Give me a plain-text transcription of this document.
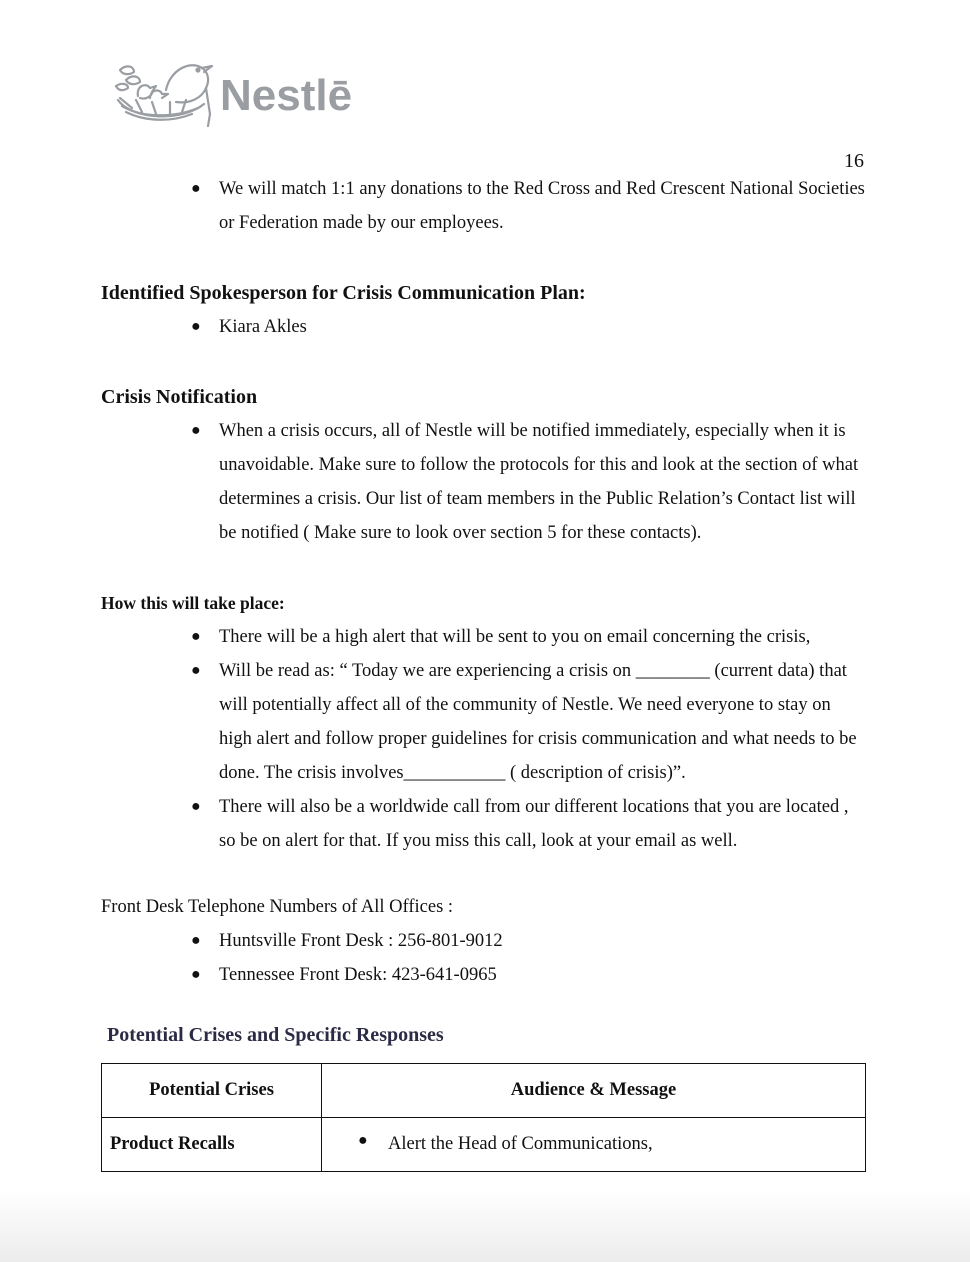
Nestlē
16
● We will match 1:1 any donations to the Red Cross and Red Crescent National Societies or Federation made by our employees.
Identified Spokesperson for Crisis Communication Plan:
● Kiara Akles
Crisis Notification
● When a crisis occurs, all of Nestle will be notified immediately, especially when it is unavoidable. Make sure to follow the protocols for this and look at the section of what determines a crisis. Our list of team members in the Public Relation’s Contact list will be notified ( Make sure to look over section 5 for these contacts).
How this will take place:
● There will be a high alert that will be sent to you on email concerning the crisis,
● Will be read as: “ Today we are experiencing a crisis on ________ (current data) that will potentially affect all of the community of Nestle. We need everyone to stay on high alert and follow proper guidelines for crisis communication and what needs to be done. The crisis involves___________ ( description of crisis)”.
● There will also be a worldwide call from our different locations that you are located , so be on alert for that. If you miss this call, look at your email as well.
Front Desk Telephone Numbers of All Offices :
● Huntsville Front Desk : 256-801-9012
● Tennessee Front Desk: 423-641-0965
Potential Crises and Specific Responses
Potential Crises	Audience & Message
Product Recalls	● Alert the Head of Communications,
